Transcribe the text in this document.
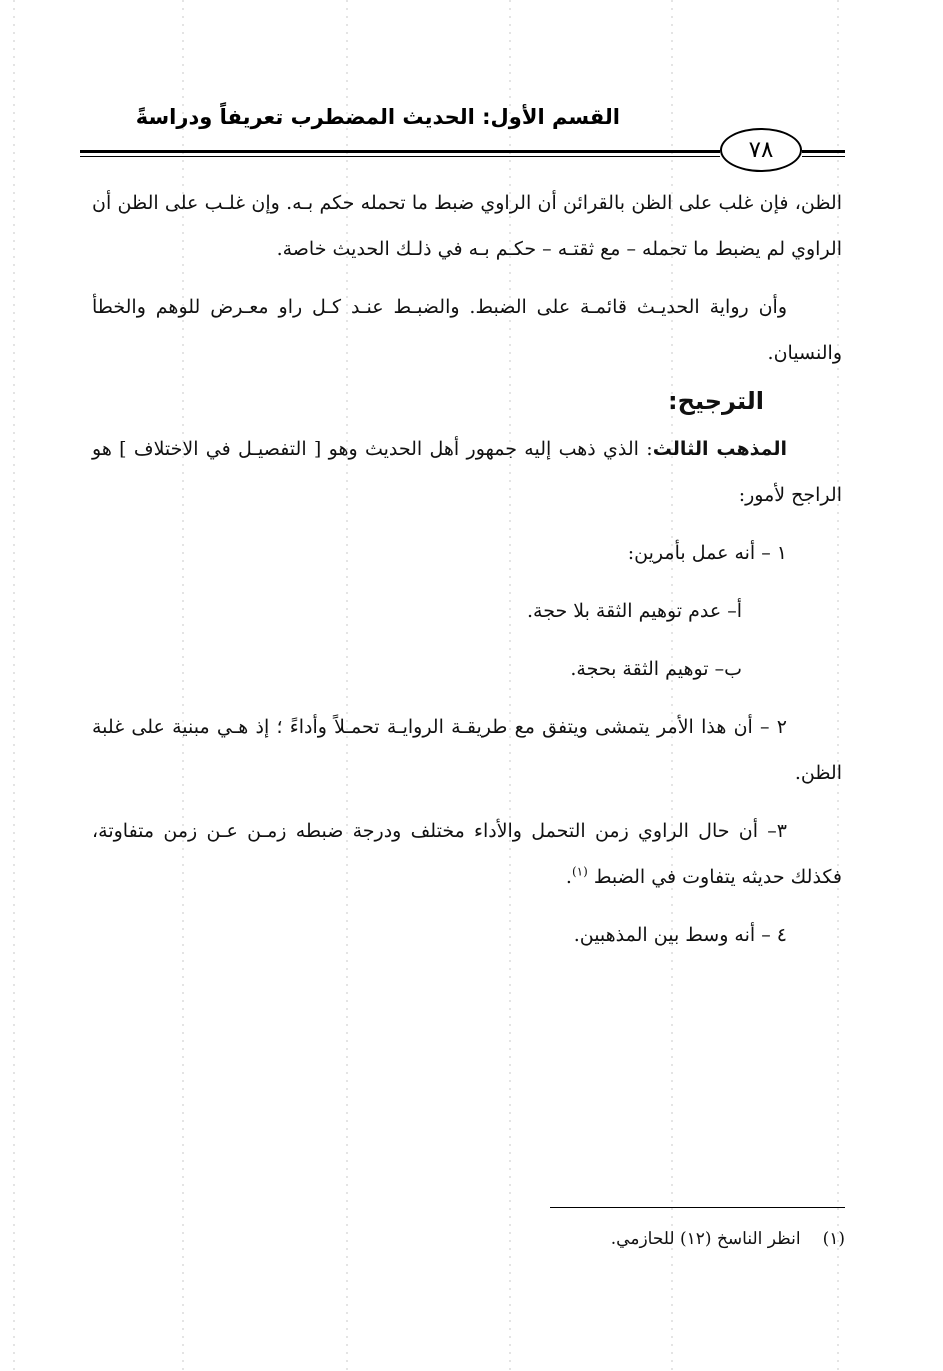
القسم الأول: الحديث المضطرب تعريفاً ودراسةً
٧٨

الظن، فإن غلب على الظن بالقرائن أن الراوي ضبط ما تحمله حكم بـه. وإن غلـب على الظن أن الراوي لم يضبط ما تحمله – مع ثقتـه – حكـم بـه في ذلـك الحديث خاصة.

وأن رواية الحديـث قائمـة على الضبط. والضبـط عنـد كـل راو معـرض للوهم والخطأ والنسيان.

الترجيح:

المذهب الثالث: الذي ذهب إليه جمهور أهل الحديث وهو [ التفصيـل في الاختلاف ] هو الراجح لأمور:

١ – أنه عمل بأمرين:

أ– عدم توهيم الثقة بلا حجة.

ب– توهيم الثقة بحجة.

٢ – أن هذا الأمر يتمشى ويتفق مع طريقـة الروايـة تحمـلاً وأداءً ؛ إذ هـي مبنية على غلبة الظن.

٣– أن حال الراوي زمن التحمل والأداء مختلف ودرجة ضبطه زمـن عـن زمن متفاوتة، فكذلك حديثه يتفاوت في الضبط $^{(١)}$.

٤ – أنه وسط بين المذهبين.

(١)انظر الناسخ (١٢) للحازمي.
